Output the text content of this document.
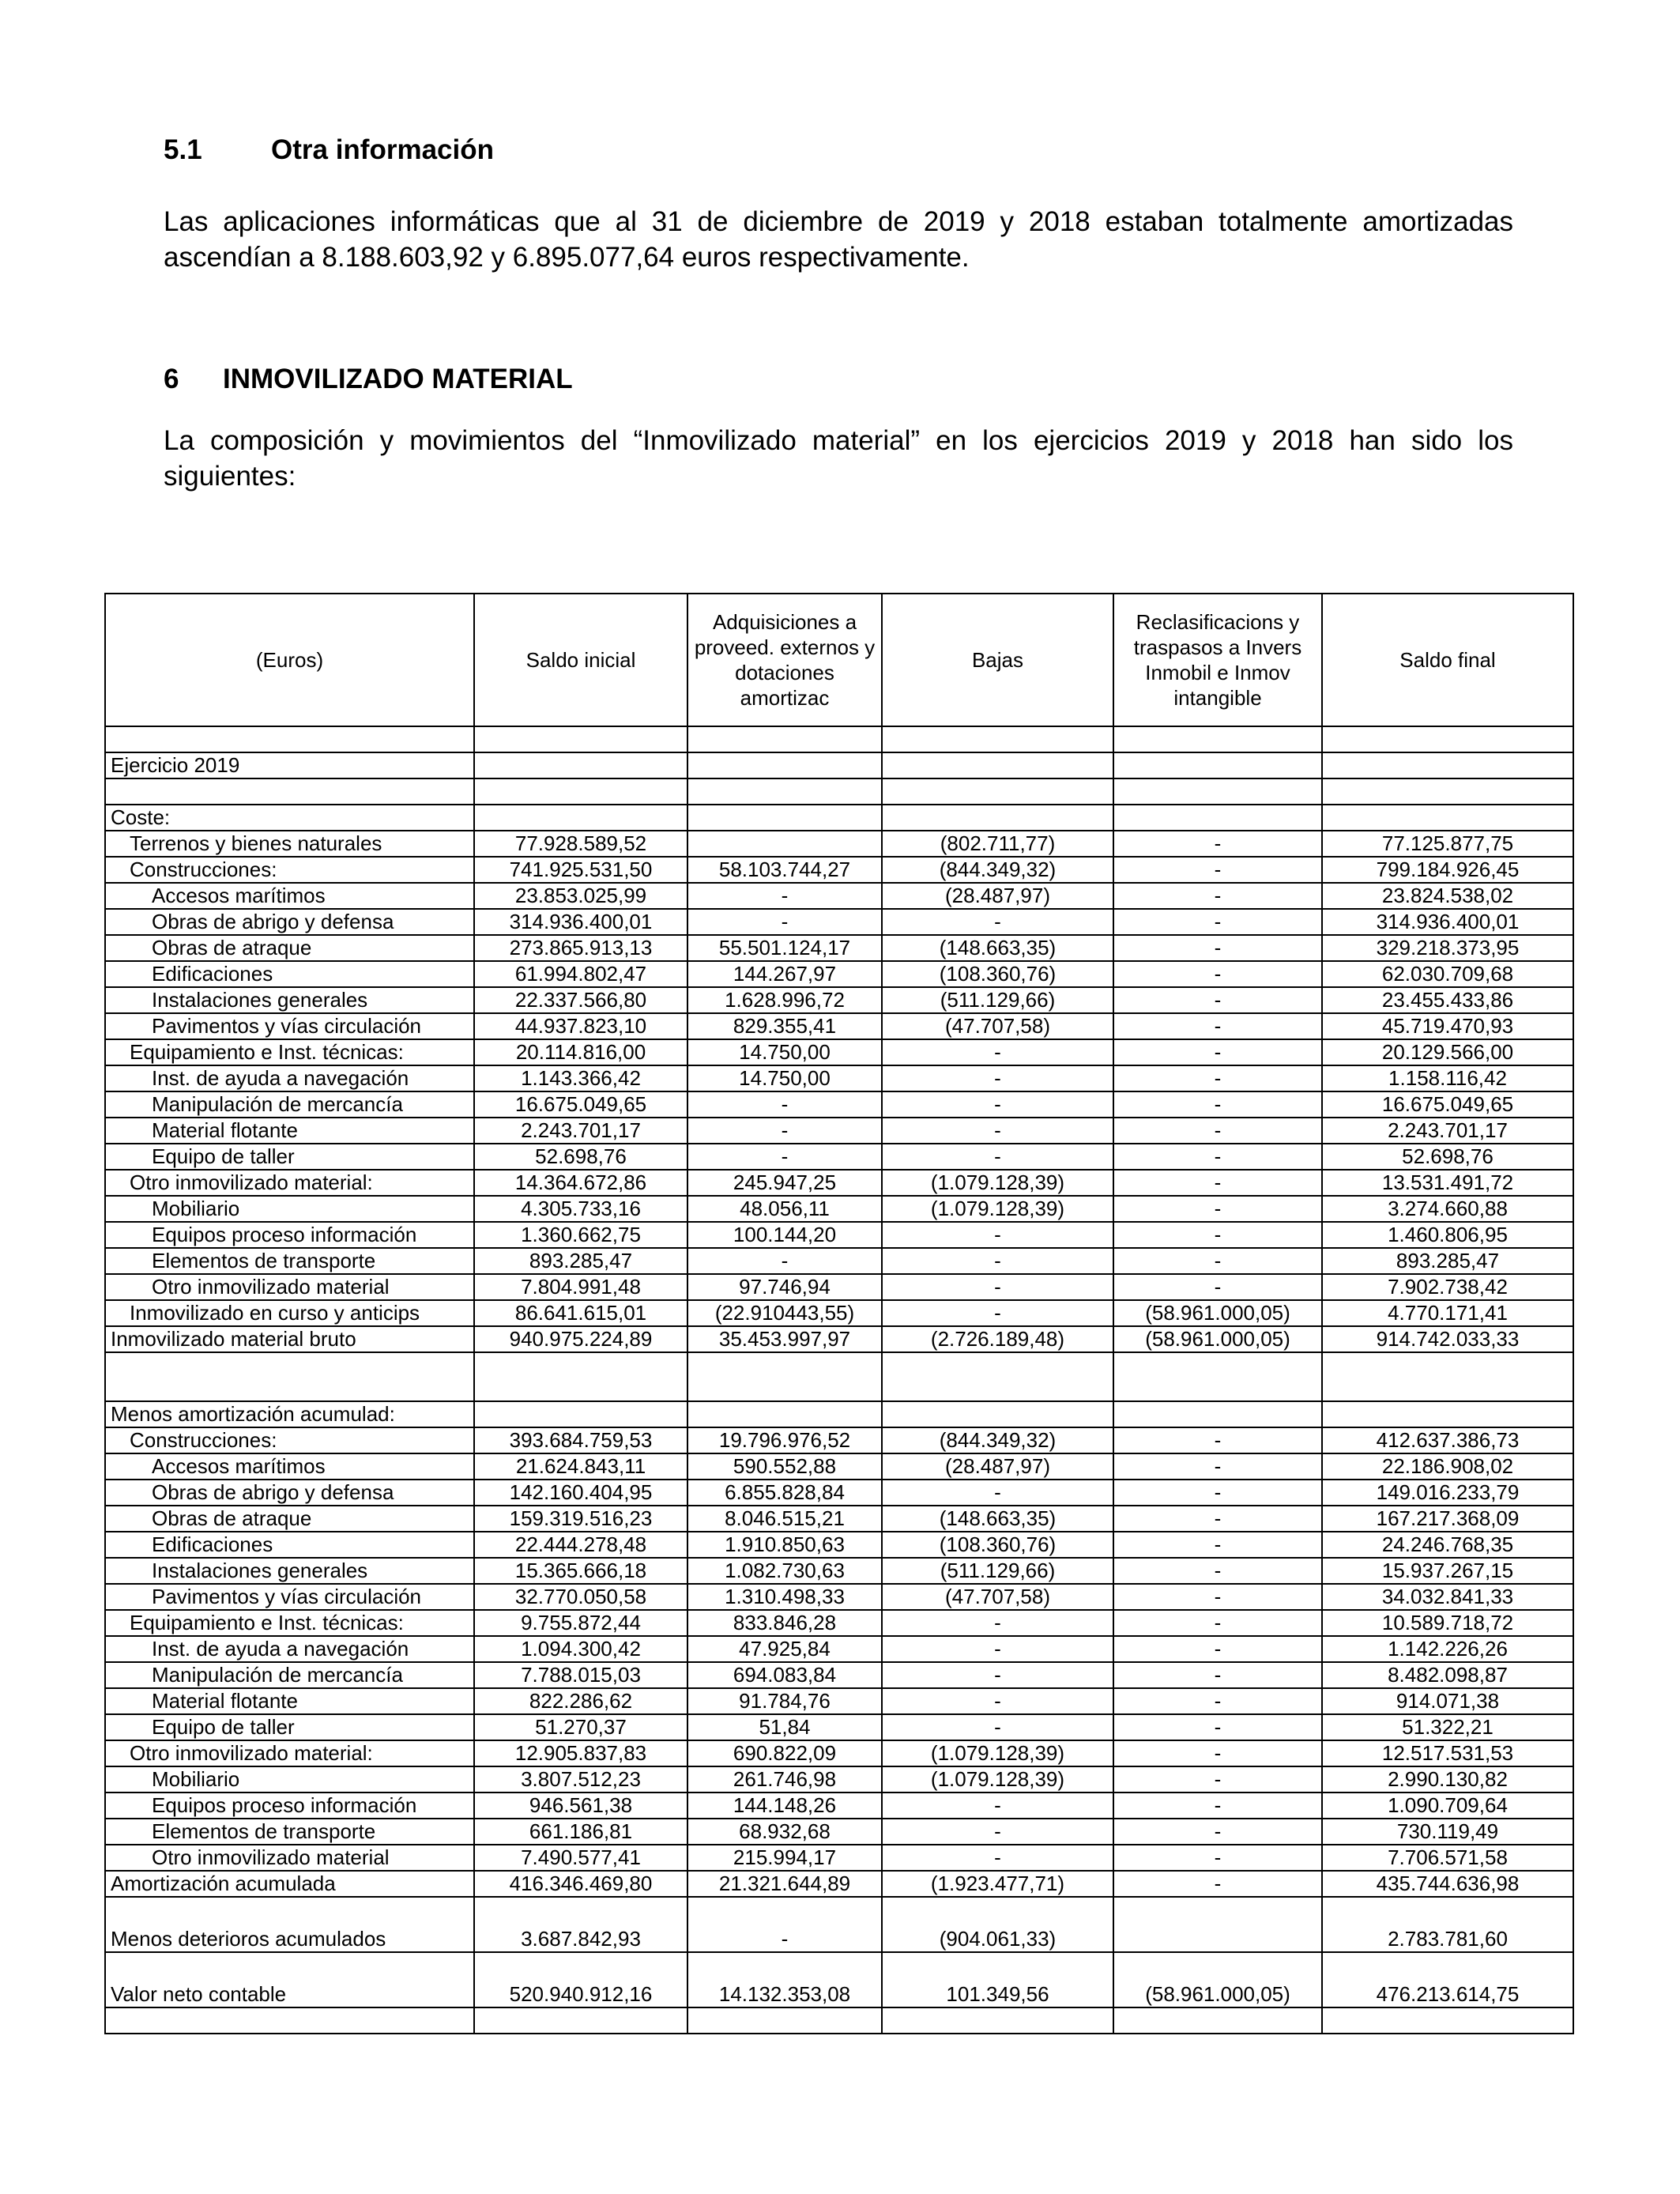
5.1 Otra información
Las aplicaciones informáticas que al 31 de diciembre de 2019 y 2018 estaban totalmente amortizadas ascendían a 8.188.603,92 y 6.895.077,64 euros respectivamente.
6 INMOVILIZADO MATERIAL
La composición y movimientos del “Inmovilizado material” en los ejercicios 2019 y 2018 han sido los siguientes:
(Euros)	Saldo inicial	Adquisiciones a proveed. externos y dotaciones amortizac	Bajas	Reclasificacions y traspasos a Invers Inmobil e Inmov intangible	Saldo final

Ejercicio 2019					

Coste:					
Terrenos y bienes naturales	77.928.589,52		(802.711,77)	-	77.125.877,75
Construcciones:	741.925.531,50	58.103.744,27	(844.349,32)	-	799.184.926,45
Accesos marítimos	23.853.025,99	-	(28.487,97)	-	23.824.538,02
Obras de abrigo y defensa	314.936.400,01	-	-	-	314.936.400,01
Obras de atraque	273.865.913,13	55.501.124,17	(148.663,35)	-	329.218.373,95
Edificaciones	61.994.802,47	144.267,97	(108.360,76)	-	62.030.709,68
Instalaciones generales	22.337.566,80	1.628.996,72	(511.129,66)	-	23.455.433,86
Pavimentos y vías circulación	44.937.823,10	829.355,41	(47.707,58)	-	45.719.470,93
Equipamiento e Inst. técnicas:	20.114.816,00	14.750,00	-	-	20.129.566,00
Inst. de ayuda a navegación	1.143.366,42	14.750,00	-	-	1.158.116,42
Manipulación de mercancía	16.675.049,65	-	-	-	16.675.049,65
Material flotante	2.243.701,17	-	-	-	2.243.701,17
Equipo de taller	52.698,76	-	-	-	52.698,76
Otro inmovilizado material:	14.364.672,86	245.947,25	(1.079.128,39)	-	13.531.491,72
Mobiliario	4.305.733,16	48.056,11	(1.079.128,39)	-	3.274.660,88
Equipos proceso información	1.360.662,75	100.144,20	-	-	1.460.806,95
Elementos de transporte	893.285,47	-	-	-	893.285,47
Otro inmovilizado material	7.804.991,48	97.746,94	-	-	7.902.738,42
Inmovilizado en curso y anticips	86.641.615,01	(22.910443,55)	-	(58.961.000,05)	4.770.171,41
Inmovilizado material bruto	940.975.224,89	35.453.997,97	(2.726.189,48)	(58.961.000,05)	914.742.033,33

Menos amortización acumulad:					
Construcciones:	393.684.759,53	19.796.976,52	(844.349,32)	-	412.637.386,73
Accesos marítimos	21.624.843,11	590.552,88	(28.487,97)	-	22.186.908,02
Obras de abrigo y defensa	142.160.404,95	6.855.828,84	-	-	149.016.233,79
Obras de atraque	159.319.516,23	8.046.515,21	(148.663,35)	-	167.217.368,09
Edificaciones	22.444.278,48	1.910.850,63	(108.360,76)	-	24.246.768,35
Instalaciones generales	15.365.666,18	1.082.730,63	(511.129,66)	-	15.937.267,15
Pavimentos y vías circulación	32.770.050,58	1.310.498,33	(47.707,58)	-	34.032.841,33
Equipamiento e Inst. técnicas:	9.755.872,44	833.846,28	-	-	10.589.718,72
Inst. de ayuda a navegación	1.094.300,42	47.925,84	-	-	1.142.226,26
Manipulación de mercancía	7.788.015,03	694.083,84	-	-	8.482.098,87
Material flotante	822.286,62	91.784,76	-	-	914.071,38
Equipo de taller	51.270,37	51,84	-	-	51.322,21
Otro inmovilizado material:	12.905.837,83	690.822,09	(1.079.128,39)	-	12.517.531,53
Mobiliario	3.807.512,23	261.746,98	(1.079.128,39)	-	2.990.130,82
Equipos proceso información	946.561,38	144.148,26	-	-	1.090.709,64
Elementos de transporte	661.186,81	68.932,68	-	-	730.119,49
Otro inmovilizado material	7.490.577,41	215.994,17	-	-	7.706.571,58
Amortización acumulada	416.346.469,80	21.321.644,89	(1.923.477,71)	-	435.744.636,98
Menos deterioros acumulados	3.687.842,93	-	(904.061,33)		2.783.781,60
Valor neto contable	520.940.912,16	14.132.353,08	101.349,56	(58.961.000,05)	476.213.614,75
